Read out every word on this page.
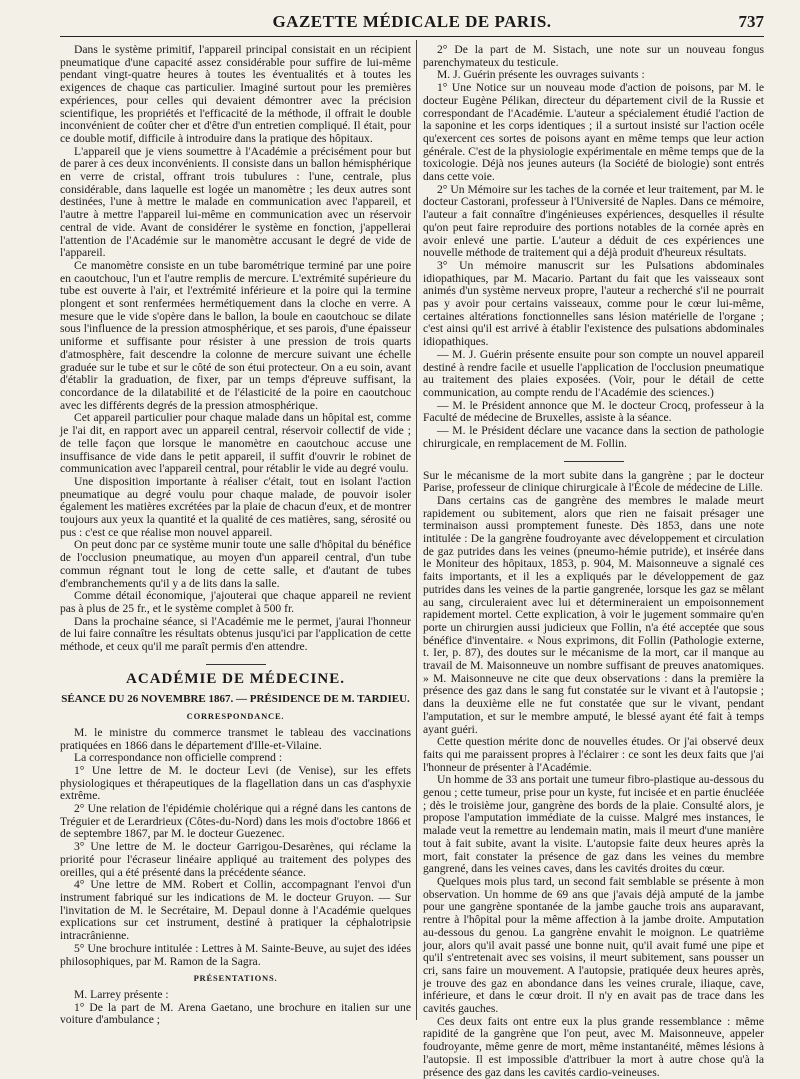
GAZETTE MÉDICALE DE PARIS.	737

Dans le système primitif, l'appareil principal consistait en un récipient pneumatique d'une capacité assez considérable pour suffire de lui-même pendant vingt-quatre heures à toutes les éventualités et à toutes les exigences de chaque cas particulier. Imaginé surtout pour les premières expériences, pour celles qui devaient démontrer avec la précision scientifique, les propriétés et l'efficacité de la méthode, il offrait le double inconvénient de coûter cher et d'être d'un entretien compliqué. Il était, pour ce double motif, difficile à introduire dans la pratique des hôpitaux.

L'appareil que je viens soumettre à l'Académie a précisément pour but de parer à ces deux inconvénients. Il consiste dans un ballon hémisphérique en verre de cristal, offrant trois tubulures : l'une, centrale, plus considérable, dans laquelle est logée un manomètre ; les deux autres sont destinées, l'une à mettre le malade en communication avec l'appareil, et l'autre à mettre l'appareil lui-même en communication avec un réservoir central de vide. Avant de considérer le système en fonction, j'appellerai l'attention de l'Académie sur le manomètre accusant le degré de vide de l'appareil.

Ce manomètre consiste en un tube barométrique terminé par une poire en caoutchouc, l'un et l'autre remplis de mercure. L'extrémité supérieure du tube est ouverte à l'air, et l'extrémité inférieure et la poire qui la termine plongent et sont renfermées hermétiquement dans la cloche en verre. A mesure que le vide s'opère dans le ballon, la boule en caoutchouc se dilate sous l'influence de la pression atmosphérique, et ses parois, d'une épaisseur uniforme et suffisante pour résister à une pression de trois quarts d'atmosphère, fait descendre la colonne de mercure suivant une échelle graduée sur le tube et sur le côté de son étui protecteur. On a eu soin, avant d'établir la graduation, de fixer, par un temps d'épreuve suffisant, la concordance de la dilatabilité et de l'élasticité de la poire en caoutchouc avec les différents degrés de la pression atmosphérique.

Cet appareil particulier pour chaque malade dans un hôpital est, comme je l'ai dit, en rapport avec un appareil central, réservoir collectif de vide ; de telle façon que lorsque le manomètre en caoutchouc accuse une insuffisance de vide dans le petit appareil, il suffit d'ouvrir le robinet de communication avec l'appareil central, pour rétablir le vide au degré voulu.

Une disposition importante à réaliser c'était, tout en isolant l'action pneumatique au degré voulu pour chaque malade, de pouvoir isoler également les matières excrétées par la plaie de chacun d'eux, et de montrer toujours aux yeux la quantité et la qualité de ces matières, sang, sérosité ou pus : c'est ce que réalise mon nouvel appareil.

On peut donc par ce système munir toute une salle d'hôpital du bénéfice de l'occlusion pneumatique, au moyen d'un appareil central, d'un tube commun régnant tout le long de cette salle, et d'autant de tubes d'embranchements qu'il y a de lits dans la salle.

Comme détail économique, j'ajouterai que chaque appareil ne revient pas à plus de 25 fr., et le système complet à 500 fr.

Dans la prochaine séance, si l'Académie me le permet, j'aurai l'honneur de lui faire connaître les résultats obtenus jusqu'ici par l'application de cette méthode, et ceux qu'il me paraît permis d'en attendre.

ACADÉMIE DE MÉDECINE.

SÉANCE DU 26 NOVEMBRE 1867. — PRÉSIDENCE DE M. TARDIEU.

CORRESPONDANCE.

M. le ministre du commerce transmet le tableau des vaccinations pratiquées en 1866 dans le département d'Ille-et-Vilaine.

La correspondance non officielle comprend :

1° Une lettre de M. le docteur Levi (de Venise), sur les effets physiologiques et thérapeutiques de la flagellation dans un cas d'asphyxie extrême.

2° Une relation de l'épidémie cholérique qui a régné dans les cantons de Tréguier et de Lerardrieux (Côtes-du-Nord) dans les mois d'octobre 1866 et de septembre 1867, par M. le docteur Guezenec.

3° Une lettre de M. le docteur Garrigou-Desarènes, qui réclame la priorité pour l'écraseur linéaire appliqué au traitement des polypes des oreilles, qui a été présenté dans la précédente séance.

4° Une lettre de MM. Robert et Collin, accompagnant l'envoi d'un instrument fabriqué sur les indications de M. le docteur Gruyon. — Sur l'invitation de M. le Secrétaire, M. Depaul donne à l'Académie quelques explications sur cet instrument, destiné à pratiquer la céphalotripsie intracrânienne.

5° Une brochure intitulée : Lettres à M. Sainte-Beuve, au sujet des idées philosophiques, par M. Ramon de la Sagra.

PRÉSENTATIONS.

M. Larrey présente :

1° De la part de M. Arena Gaetano, une brochure en italien sur une voiture d'ambulance ;

2° De la part de M. Sistach, une note sur un nouveau fongus parenchymateux du testicule.

M. J. Guérin présente les ouvrages suivants :

1° Une Notice sur un nouveau mode d'action de poisons, par M. le docteur Eugène Pélikan, directeur du département civil de la Russie et correspondant de l'Académie. L'auteur a spécialement étudié l'action de la saponine et les corps identiques ; il a surtout insisté sur l'action océle qu'exercent ces sortes de poisons ayant en même temps que leur action générale. C'est de la physiologie expérimentale en même temps que de la toxicologie. Déjà nos jeunes auteurs (la Société de biologie) sont entrés dans cette voie.

2° Un Mémoire sur les taches de la cornée et leur traitement, par M. le docteur Castorani, professeur à l'Université de Naples. Dans ce mémoire, l'auteur a fait connaître d'ingénieuses expériences, desquelles il résulte qu'on peut faire reproduire des portions notables de la cornée après en avoir enlevé une partie. L'auteur a déduit de ces expériences une nouvelle méthode de traitement qui a déjà produit d'heureux résultats.

3° Un mémoire manuscrit sur les Pulsations abdominales idiopathiques, par M. Macario. Partant du fait que les vaisseaux sont animés d'un système nerveux propre, l'auteur a recherché s'il ne pourrait pas y avoir pour certains vaisseaux, comme pour le cœur lui-même, certaines altérations fonctionnelles sans lésion matérielle de l'organe ; c'est ainsi qu'il est arrivé à établir l'existence des pulsations abdominales idiopathiques.

— M. J. Guérin présente ensuite pour son compte un nouvel appareil destiné à rendre facile et usuelle l'application de l'occlusion pneumatique au traitement des plaies exposées. (Voir, pour le détail de cette communication, au compte rendu de l'Académie des sciences.)

— M. le Président annonce que M. le docteur Crocq, professeur à la Faculté de médecine de Bruxelles, assiste à la séance.

— M. le Président déclare une vacance dans la section de pathologie chirurgicale, en remplacement de M. Follin.

Sur le mécanisme de la mort subite dans la gangrène ; par le docteur Parise, professeur de clinique chirurgicale à l'École de médecine de Lille.

Dans certains cas de gangrène des membres le malade meurt rapidement ou subitement, alors que rien ne faisait présager une terminaison aussi promptement funeste. Dès 1853, dans une note intitulée : De la gangrène foudroyante avec développement et circulation de gaz putrides dans les veines (pneumo-hémie putride), et insérée dans le Moniteur des hôpitaux, 1853, p. 904, M. Maisonneuve a signalé ces faits importants, et il les a expliqués par le développement de gaz putrides dans les veines de la partie gangrenée, lorsque les gaz se mêlant au sang, circuleraient avec lui et détermineraient un empoisonnement rapidement mortel. Cette explication, à voir le jugement sommaire qu'en porte un chirurgien aussi judicieux que Follin, n'a été acceptée que sous bénéfice d'inventaire. « Nous exprimons, dit Follin (Pathologie externe, t. Ier, p. 87), des doutes sur le mécanisme de la mort, car il manque au travail de M. Maisonneuve un nombre suffisant de preuves anatomiques. » M. Maisonneuve ne cite que deux observations : dans la première la présence des gaz dans le sang fut constatée sur le vivant et à l'autopsie ; dans la deuxième elle ne fut constatée que sur le vivant, pendant l'amputation, et sur le membre amputé, le blessé ayant été fait à temps ayant guéri.

Cette question mérite donc de nouvelles études. Or j'ai observé deux faits qui me paraissent propres à l'éclairer : ce sont les deux faits que j'ai l'honneur de présenter à l'Académie.

Un homme de 33 ans portait une tumeur fibro-plastique au-dessous du genou ; cette tumeur, prise pour un kyste, fut incisée et en partie énucléée ; dès le troisième jour, gangrène des bords de la plaie. Consulté alors, je propose l'amputation immédiate de la cuisse. Malgré mes instances, le malade veut la remettre au lendemain matin, mais il meurt d'une manière tout à fait subite, avant la visite. L'autopsie faite deux heures après la mort, fait constater la présence de gaz dans les veines du membre gangrené, dans les veines caves, dans les cavités droites du cœur.

Quelques mois plus tard, un second fait semblable se présente à mon observation. Un homme de 69 ans que j'avais déjà amputé de la jambe pour une gangrène spontanée de la jambe gauche trois ans auparavant, rentre à l'hôpital pour la même affection à la jambe droite. Amputation au-dessous du genou. La gangrène envahit le moignon. Le quatrième jour, alors qu'il avait passé une bonne nuit, qu'il avait fumé une pipe et qu'il s'entretenait avec ses voisins, il meurt subitement, sans pousser un cri, sans faire un mouvement. A l'autopsie, pratiquée deux heures après, je trouve des gaz en abondance dans les veines crurale, iliaque, cave, inférieure, et dans le cœur droit. Il n'y en avait pas de trace dans les cavités gauches.

Ces deux faits ont entre eux la plus grande ressemblance : même rapidité de la gangrène que l'on peut, avec M. Maisonneuve, appeler foudroyante, même genre de mort, même instantanéité, mêmes lésions à l'autopsie. Il est impossible d'attribuer la mort à autre chose qu'à la présence des gaz dans les cavités cardio-veineuses.
